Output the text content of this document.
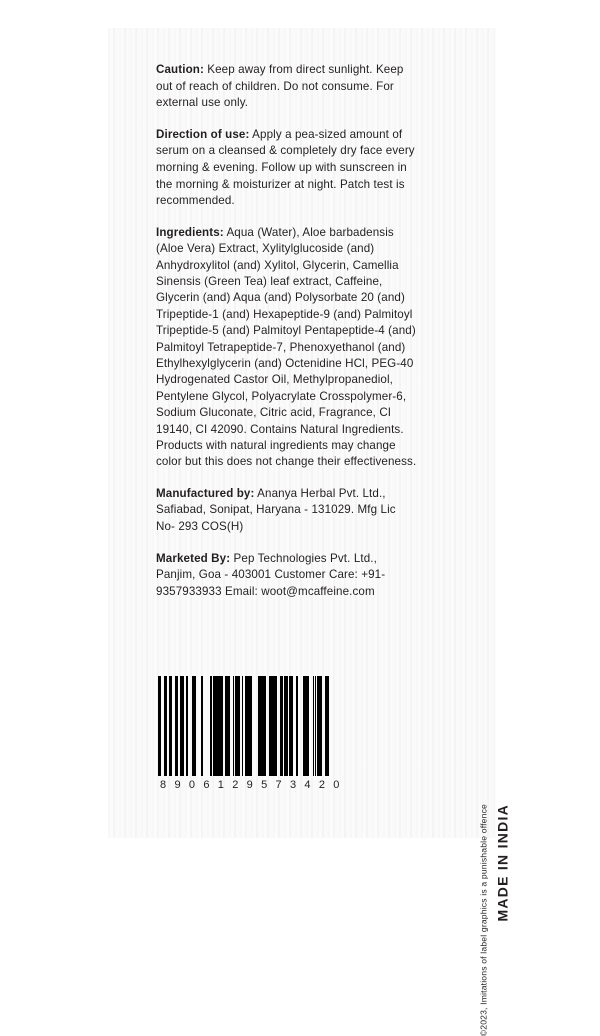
Caution: Keep away from direct sunlight. Keep out of reach of children. Do not consume. For external use only.

Direction of use: Apply a pea-sized amount of serum on a cleansed & completely dry face every morning & evening. Follow up with sunscreen in the morning & moisturizer at night. Patch test is recommended.

Ingredients: Aqua (Water), Aloe barbadensis (Aloe Vera) Extract, Xylitylglucoside (and) Anhydroxylitol (and) Xylitol, Glycerin, Camellia Sinensis (Green Tea) leaf extract, Caffeine, Glycerin (and) Aqua (and) Polysorbate 20 (and) Tripeptide-1 (and) Hexapeptide-9 (and) Palmitoyl Tripeptide-5 (and) Palmitoyl Pentapeptide-4 (and) Palmitoyl Tetrapeptide-7, Phenoxyethanol (and) Ethylhexylglycerin (and) Octenidine HCl, PEG-40 Hydrogenated Castor Oil, Methylpropanediol, Pentylene Glycol, Polyacrylate Crosspolymer-6, Sodium Gluconate, Citric acid, Fragrance, CI 19140, CI 42090. Contains Natural Ingredients. Products with natural ingredients may change color but this does not change their effectiveness.

Manufactured by: Ananya Herbal Pvt. Ltd., Safiabad, Sonipat, Haryana - 131029. Mfg Lic No- 293 COS(H)

Marketed By: Pep Technologies Pvt. Ltd., Panjim, Goa - 403001 Customer Care: +91-9357933933 Email: woot@mcaffeine.com

8 9 0 6 1 2 9 5 7 3 4 2 0
©2023, Imitations of label graphics is a punishable offence MADE IN INDIA
